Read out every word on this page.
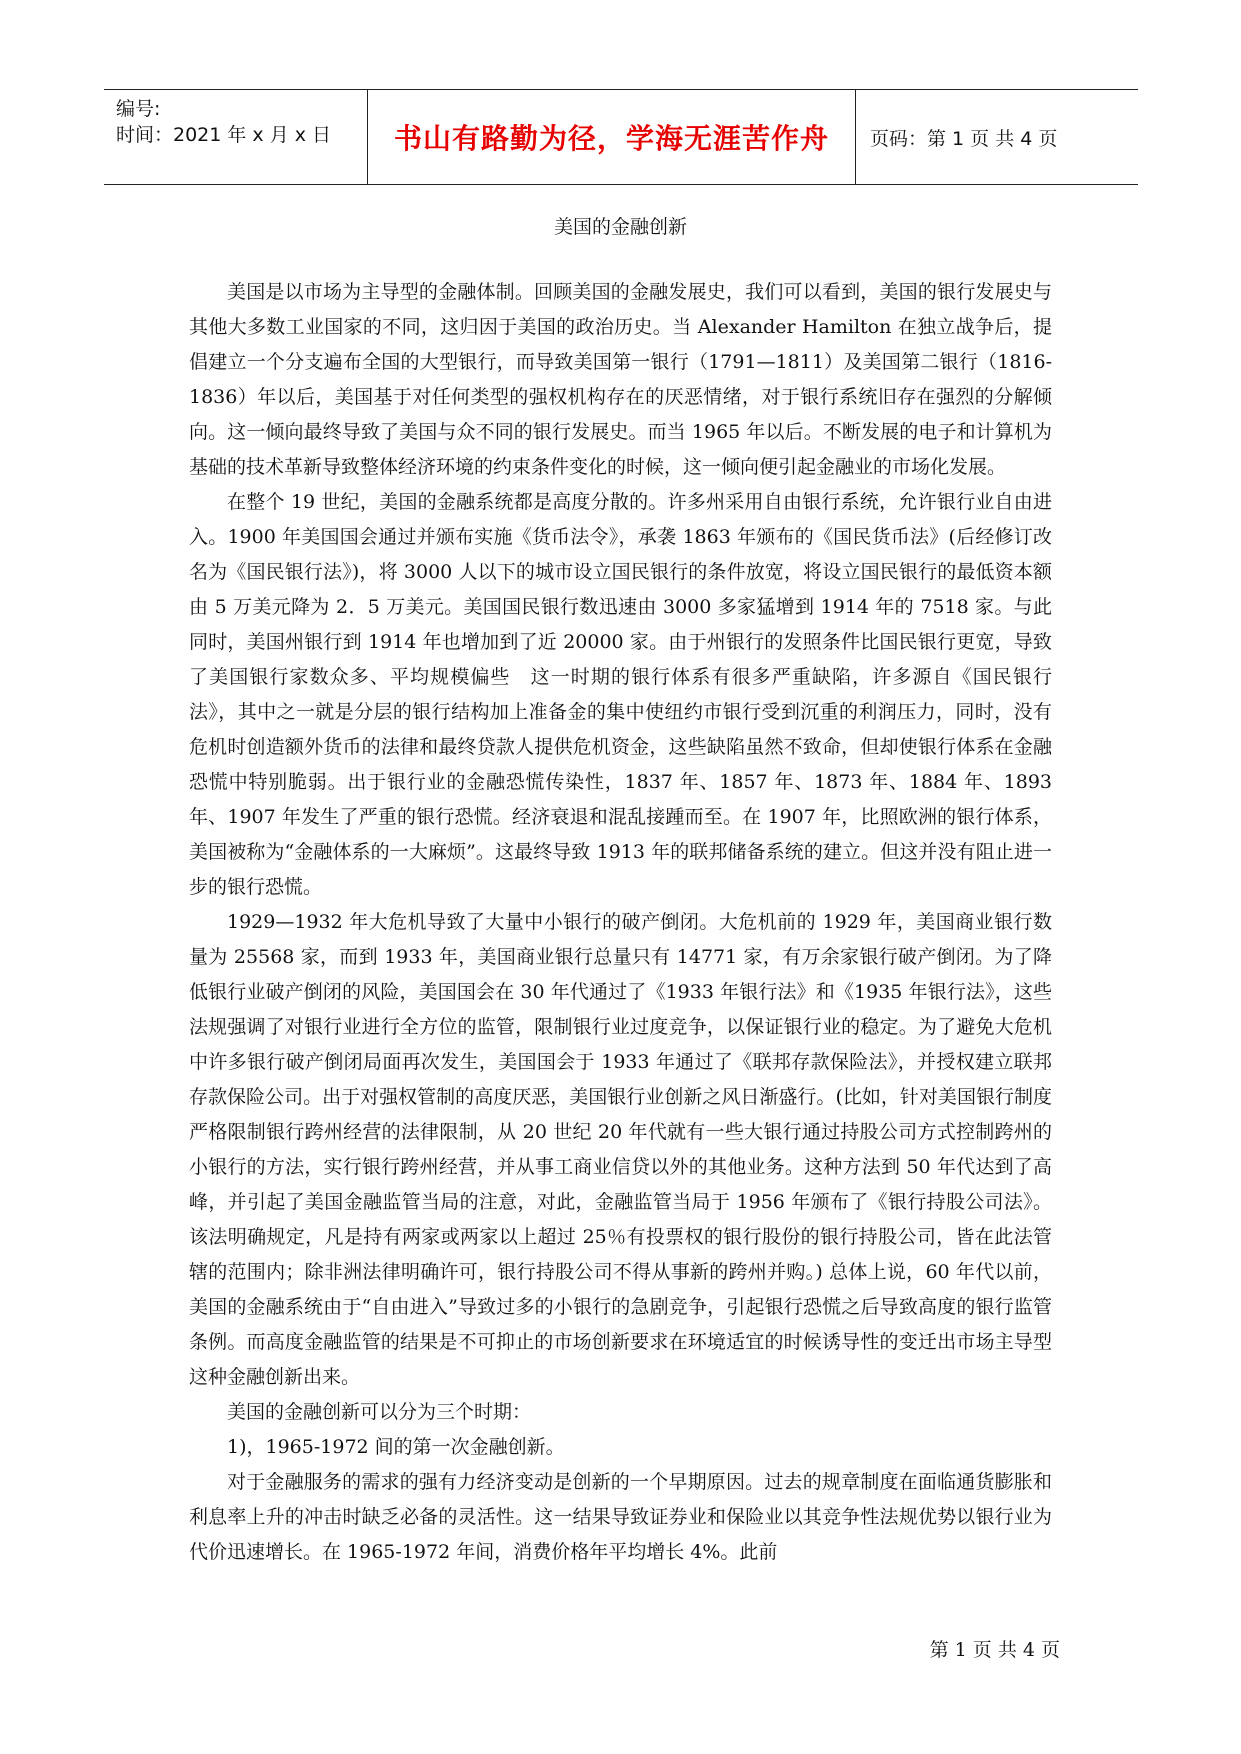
编号:
时间：2021 年 x 月 x 日	书山有路勤为径，学海无涯苦作舟	页码：第 1 页 共 4 页
美国的金融创新

美国是以市场为主导型的金融体制。回顾美国的金融发展史，我们可以看到，美国的银行发展史与其他大多数工业国家的不同，这归因于美国的政治历史。当 Alexander Hamilton 在独立战争后，提倡建立一个分支遍布全国的大型银行，而导致美国第一银行（1791—1811）及美国第二银行（1816-1836）年以后，美国基于对任何类型的强权机构存在的厌恶情绪，对于银行系统旧存在强烈的分解倾向。这一倾向最终导致了美国与众不同的银行发展史。而当 1965 年以后。不断发展的电子和计算机为基础的技术革新导致整体经济环境的约束条件变化的时候，这一倾向便引起金融业的市场化发展。

在整个 19 世纪，美国的金融系统都是高度分散的。许多州采用自由银行系统，允许银行业自由进入。1900 年美国国会通过并颁布实施《货币法令》，承袭 1863 年颁布的《国民货币法》(后经修订改名为《国民银行法》)，将 3000 人以下的城市设立国民银行的条件放宽，将设立国民银行的最低资本额由 5 万美元降为 2．5 万美元。美国国民银行数迅速由 3000 多家猛增到 1914 年的 7518 家。与此同时，美国州银行到 1914 年也增加到了近 20000 家。由于州银行的发照条件比国民银行更宽，导致了美国银行家数众多、平均规模偏些　这一时期的银行体系有很多严重缺陷，许多源自《国民银行法》，其中之一就是分层的银行结构加上准备金的集中使纽约市银行受到沉重的利润压力，同时，没有危机时创造额外货币的法律和最终贷款人提供危机资金，这些缺陷虽然不致命，但却使银行体系在金融恐慌中特别脆弱。出于银行业的金融恐慌传染性，1837 年、1857 年、1873 年、1884 年、1893 年、1907 年发生了严重的银行恐慌。经济衰退和混乱接踵而至。在 1907 年，比照欧洲的银行体系，美国被称为“金融体系的一大麻烦”。这最终导致 1913 年的联邦储备系统的建立。但这并没有阻止进一步的银行恐慌。

1929—1932 年大危机导致了大量中小银行的破产倒闭。大危机前的 1929 年，美国商业银行数量为 25568 家，而到 1933 年，美国商业银行总量只有 14771 家，有万余家银行破产倒闭。为了降低银行业破产倒闭的风险，美国国会在 30 年代通过了《1933 年银行法》和《1935 年银行法》，这些法规强调了对银行业进行全方位的监管，限制银行业过度竞争，以保证银行业的稳定。为了避免大危机中许多银行破产倒闭局面再次发生，美国国会于 1933 年通过了《联邦存款保险法》，并授权建立联邦存款保险公司。出于对强权管制的高度厌恶，美国银行业创新之风日渐盛行。(比如，针对美国银行制度严格限制银行跨州经营的法律限制，从 20 世纪 20 年代就有一些大银行通过持股公司方式控制跨州的小银行的方法，实行银行跨州经营，并从事工商业信贷以外的其他业务。这种方法到 50 年代达到了高峰，并引起了美国金融监管当局的注意，对此，金融监管当局于 1956 年颁布了《银行持股公司法》。该法明确规定，凡是持有两家或两家以上超过 25％有投票权的银行股份的银行持股公司，皆在此法管辖的范围内；除非洲法律明确许可，银行持股公司不得从事新的跨州并购。) 总体上说，60 年代以前，美国的金融系统由于“自由进入”导致过多的小银行的急剧竞争，引起银行恐慌之后导致高度的银行监管条例。而高度金融监管的结果是不可抑止的市场创新要求在环境适宜的时候诱导性的变迁出市场主导型这种金融创新出来。

美国的金融创新可以分为三个时期：

1)，1965-1972 间的第一次金融创新。

对于金融服务的需求的强有力经济变动是创新的一个早期原因。过去的规章制度在面临通货膨胀和利息率上升的冲击时缺乏必备的灵活性。这一结果导致证券业和保险业以其竞争性法规优势以银行业为代价迅速增长。在 1965-1972 年间，消费价格年平均增长 4%。此前

第 1 页 共 4 页
